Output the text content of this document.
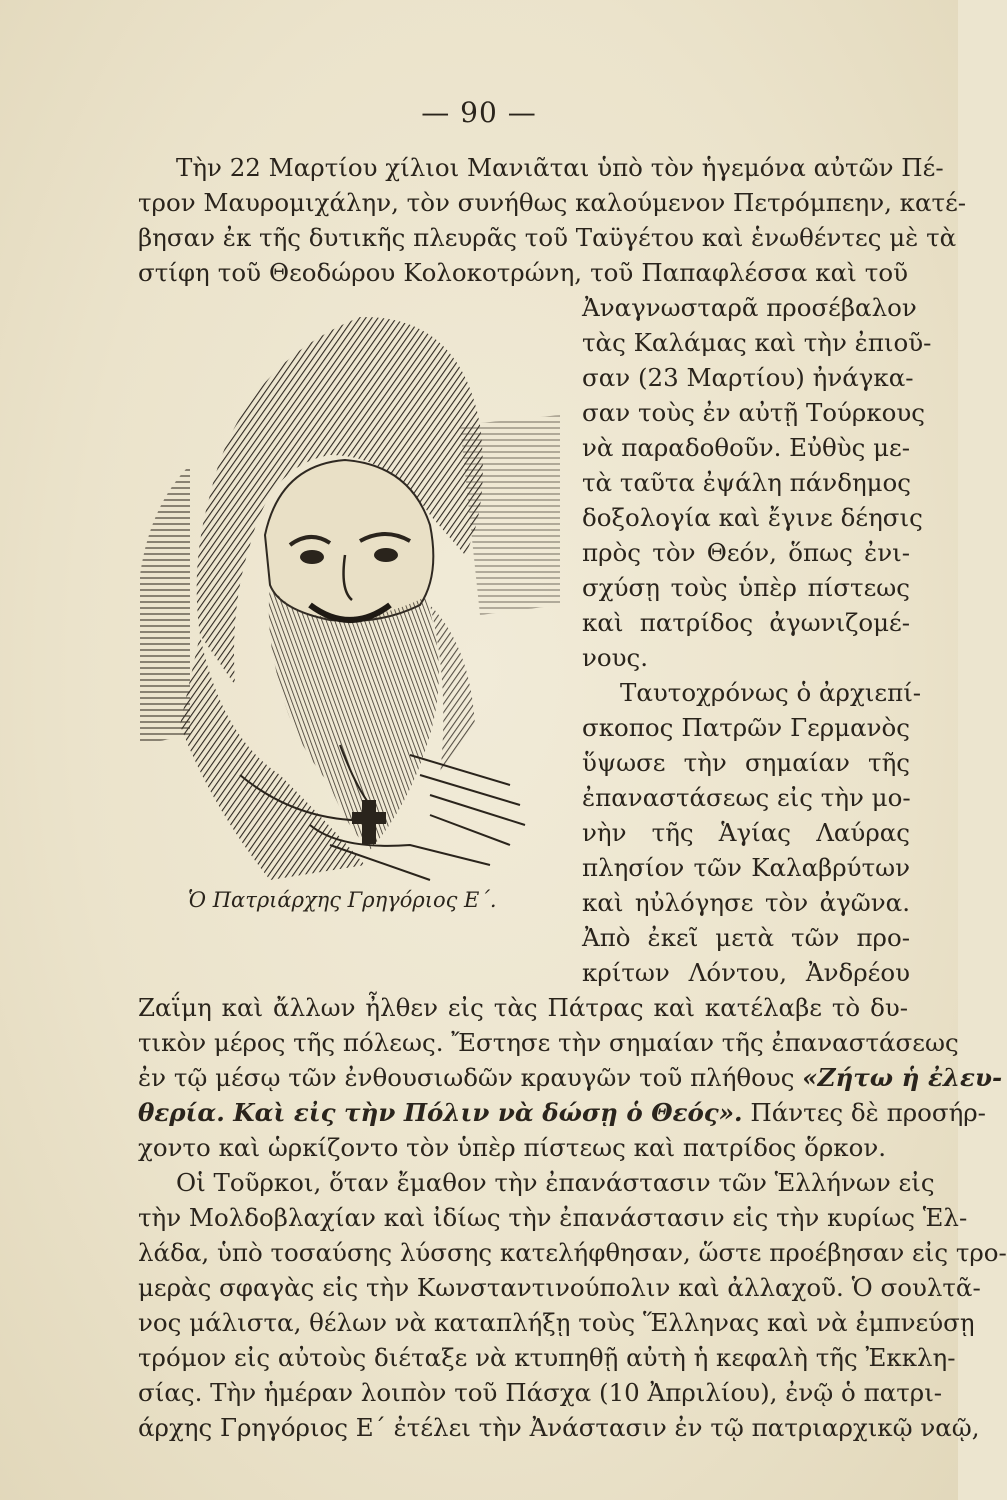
— 90 —
Τὴν 22 Μαρτίου χίλιοι Μανιᾶται ὑπὸ τὸν ἡγεμόνα αὐτῶν Πέ-
τρον Μαυρομιχάλην, τὸν συνήθως καλούμενον Πετρόμπεην, κατέ-
βησαν ἐκ τῆς δυτικῆς πλευρᾶς τοῦ Ταϋγέτου καὶ ἑνωθέντες μὲ τὰ
στίφη τοῦ Θεοδώρου Κολοκοτρώνη, τοῦ Παπαφλέσσα καὶ τοῦ
Ἀναγνωσταρᾶ προσέβαλον
τὰς Καλάμας καὶ τὴν ἐπιοῦ-
σαν (23 Μαρτίου) ἠνάγκα-
σαν τοὺς ἐν αὐτῇ Τούρκους
νὰ παραδοθοῦν. Εὐθὺς με-
τὰ ταῦτα ἐψάλη πάνδημος
δοξολογία καὶ ἔγινε δέησις
πρὸς τὸν Θεόν, ὅπως ἐνι-
σχύσῃ τοὺς ὑπὲρ πίστεως
καὶ πατρίδος ἀγωνιζομέ-
νους.
Ταυτοχρόνως ὁ ἀρχιεπί-
σκοπος Πατρῶν Γερμανὸς
ὕψωσε τὴν σημαίαν τῆς
ἐπαναστάσεως εἰς τὴν μο-
νὴν τῆς Ἁγίας Λαύρας
πλησίον τῶν Καλαβρύτων
καὶ ηὐλόγησε τὸν ἀγῶνα.
Ἀπὸ ἐκεῖ μετὰ τῶν προ-
κρίτων Λόντου, Ἀνδρέου
Ὁ Πατριάρχης Γρηγόριος Ε΄.
Ζαΐμη καὶ ἄλλων ἦλθεν εἰς τὰς Πάτρας καὶ κατέλαβε τὸ δυ-
τικὸν μέρος τῆς πόλεως. Ἔστησε τὴν σημαίαν τῆς ἐπαναστάσεως
ἐν τῷ μέσῳ τῶν ἐνθουσιωδῶν κραυγῶν τοῦ πλήθους «Ζήτω ἡ ἐλευ-
θερία. Καὶ εἰς τὴν Πόλιν νὰ δώσῃ ὁ Θεός». Πάντες δὲ προσήρ-
χοντο καὶ ὡρκίζοντο τὸν ὑπὲρ πίστεως καὶ πατρίδος ὅρκον.
Οἱ Τοῦρκοι, ὅταν ἔμαθον τὴν ἐπανάστασιν τῶν Ἑλλήνων εἰς
τὴν Μολδοβλαχίαν καὶ ἰδίως τὴν ἐπανάστασιν εἰς τὴν κυρίως Ἑλ-
λάδα, ὑπὸ τοσαύσης λύσσης κατελήφθησαν, ὥστε προέβησαν εἰς τρο-
μερὰς σφαγὰς εἰς τὴν Κωνσταντινούπολιν καὶ ἀλλαχοῦ. Ὁ σουλτᾶ-
νος μάλιστα, θέλων νὰ καταπλήξῃ τοὺς Ἕλληνας καὶ νὰ ἐμπνεύσῃ
τρόμον εἰς αὐτοὺς διέταξε νὰ κτυπηθῇ αὐτὴ ἡ κεφαλὴ τῆς Ἐκκλη-
σίας. Τὴν ἡμέραν λοιπὸν τοῦ Πάσχα (10 Ἀπριλίου), ἐνῷ ὁ πατρι-
άρχης Γρηγόριος Ε΄ ἐτέλει τὴν Ἀνάστασιν ἐν τῷ πατριαρχικῷ ναῷ,
